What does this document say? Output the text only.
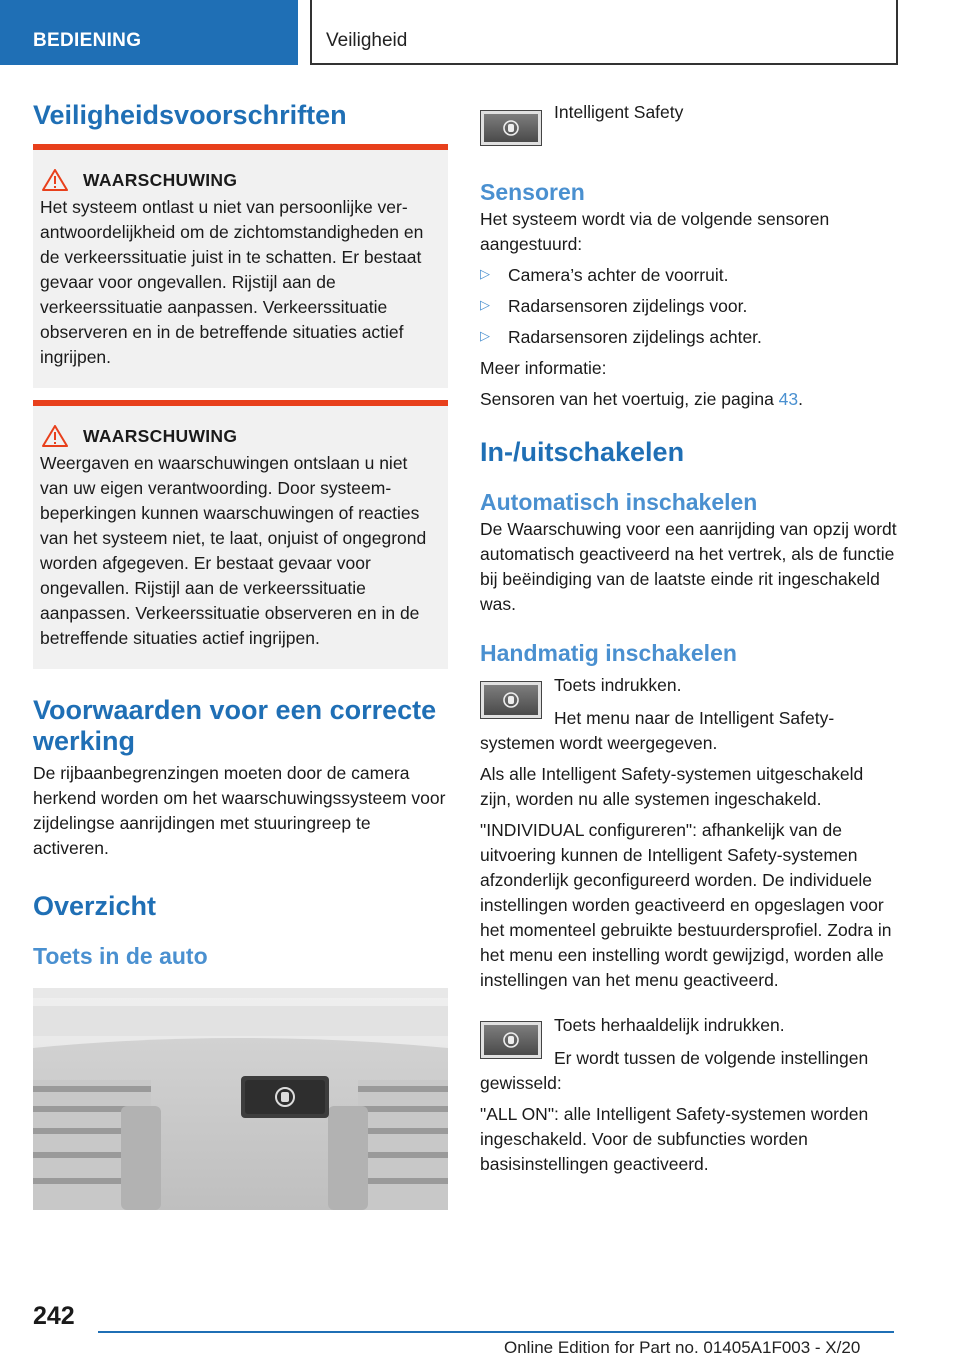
BEDIENING	Veiligheid
Veiligheidsvoorschriften
WAARSCHUWING

Het systeem ontlast u niet van persoonlijke verantwoordelijkheid om de zichtomstandigheden en de verkeerssituatie juist in te schatten. Er bestaat gevaar voor ongevallen. Rijstijl aan de verkeerssituatie aanpassen. Verkeerssituatie observeren en in de betreffende situaties actief ingrijpen.

WAARSCHUWING

Weergaven en waarschuwingen ontslaan u niet van uw eigen verantwoording. Door systeembeperkingen kunnen waarschuwingen of reacties van het systeem niet, te laat, onjuist of ongegrond worden afgegeven. Er bestaat gevaar voor ongevallen. Rijstijl aan de verkeerssituatie aanpassen. Verkeerssituatie observeren en in de betreffende situaties actief ingrijpen.

Voorwaarden voor een correcte werking

De rijbaanbegrenzingen moeten door de camera herkend worden om het waarschuwingssysteem voor zijdelingse aanrijdingen met stuuringreep te activeren.

Overzicht
Toets in de auto
Intelligent Safety
Sensoren

Het systeem wordt via de volgende sensoren aangestuurd:

▷	Camera’s achter de voorruit.

▷	Radarsensoren zijdelings voor.

▷	Radarsensoren zijdelings achter.

Meer informatie:

Sensoren van het voertuig, zie pagina 43.

In-/uitschakelen
Automatisch inschakelen

De Waarschuwing voor een aanrijding van opzij wordt automatisch geactiveerd na het vertrek, als de functie bij beëindiging van de laatste einde rit ingeschakeld was.

Handmatig inschakelen

Toets indrukken.

Het menu naar de Intelligent Safety-systemen wordt weergegeven.

Als alle Intelligent Safety-systemen uitgeschakeld zijn, worden nu alle systemen ingeschakeld.

"INDIVIDUAL configureren": afhankelijk van de uitvoering kunnen de Intelligent Safety-systemen afzonderlijk geconfigureerd worden. De individuele instellingen worden geactiveerd en opgeslagen voor het momenteel gebruikte bestuurdersprofiel. Zodra in het menu een instelling wordt gewijzigd, worden alle instellingen van het menu geactiveerd.

Toets herhaaldelijk indrukken.

Er wordt tussen de volgende instellingen gewisseld:

"ALL ON": alle Intelligent Safety-systemen worden ingeschakeld. Voor de subfuncties worden basisinstellingen geactiveerd.

242
Online Edition for Part no. 01405A1F003 - X/20
